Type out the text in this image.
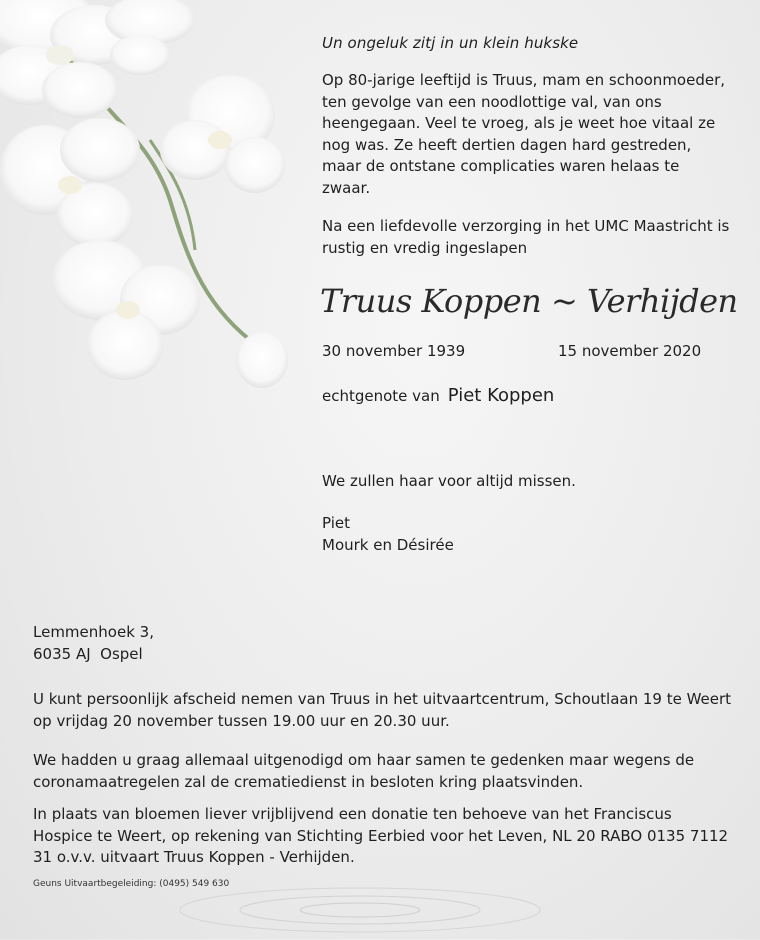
Un ongeluk zitj in un klein hukske
Op 80-jarige leeftijd is Truus, mam en schoonmoeder, ten gevolge van een noodlottige val, van ons heengegaan. Veel te vroeg, als je weet hoe vitaal ze nog was. Ze heeft dertien dagen hard gestreden, maar de ontstane complicaties waren helaas te zwaar.
Na een liefdevolle verzorging in het UMC Maastricht is rustig en vredig ingeslapen
Truus Koppen ~ Verhijden
30 november 1939	15 november 2020
echtgenote van Piet Koppen
We zullen haar voor altijd missen.
Piet
Mourk en Désirée
Lemmenhoek 3,
6035 AJ  Ospel
U kunt persoonlijk afscheid nemen van Truus in het uitvaartcentrum, Schoutlaan 19 te Weert op vrijdag 20 november tussen 19.00 uur en 20.30 uur.
We hadden u graag allemaal uitgenodigd om haar samen te gedenken maar wegens de coronamaatregelen zal de crematiedienst in besloten kring plaatsvinden.
In plaats van bloemen liever vrijblijvend een donatie ten behoeve van het Franciscus Hospice te Weert, op rekening van Stichting Eerbied voor het Leven, NL 20 RABO 0135 7112 31 o.v.v. uitvaart Truus Koppen - Verhijden.
Geuns Uitvaartbegeleiding: (0495) 549 630
